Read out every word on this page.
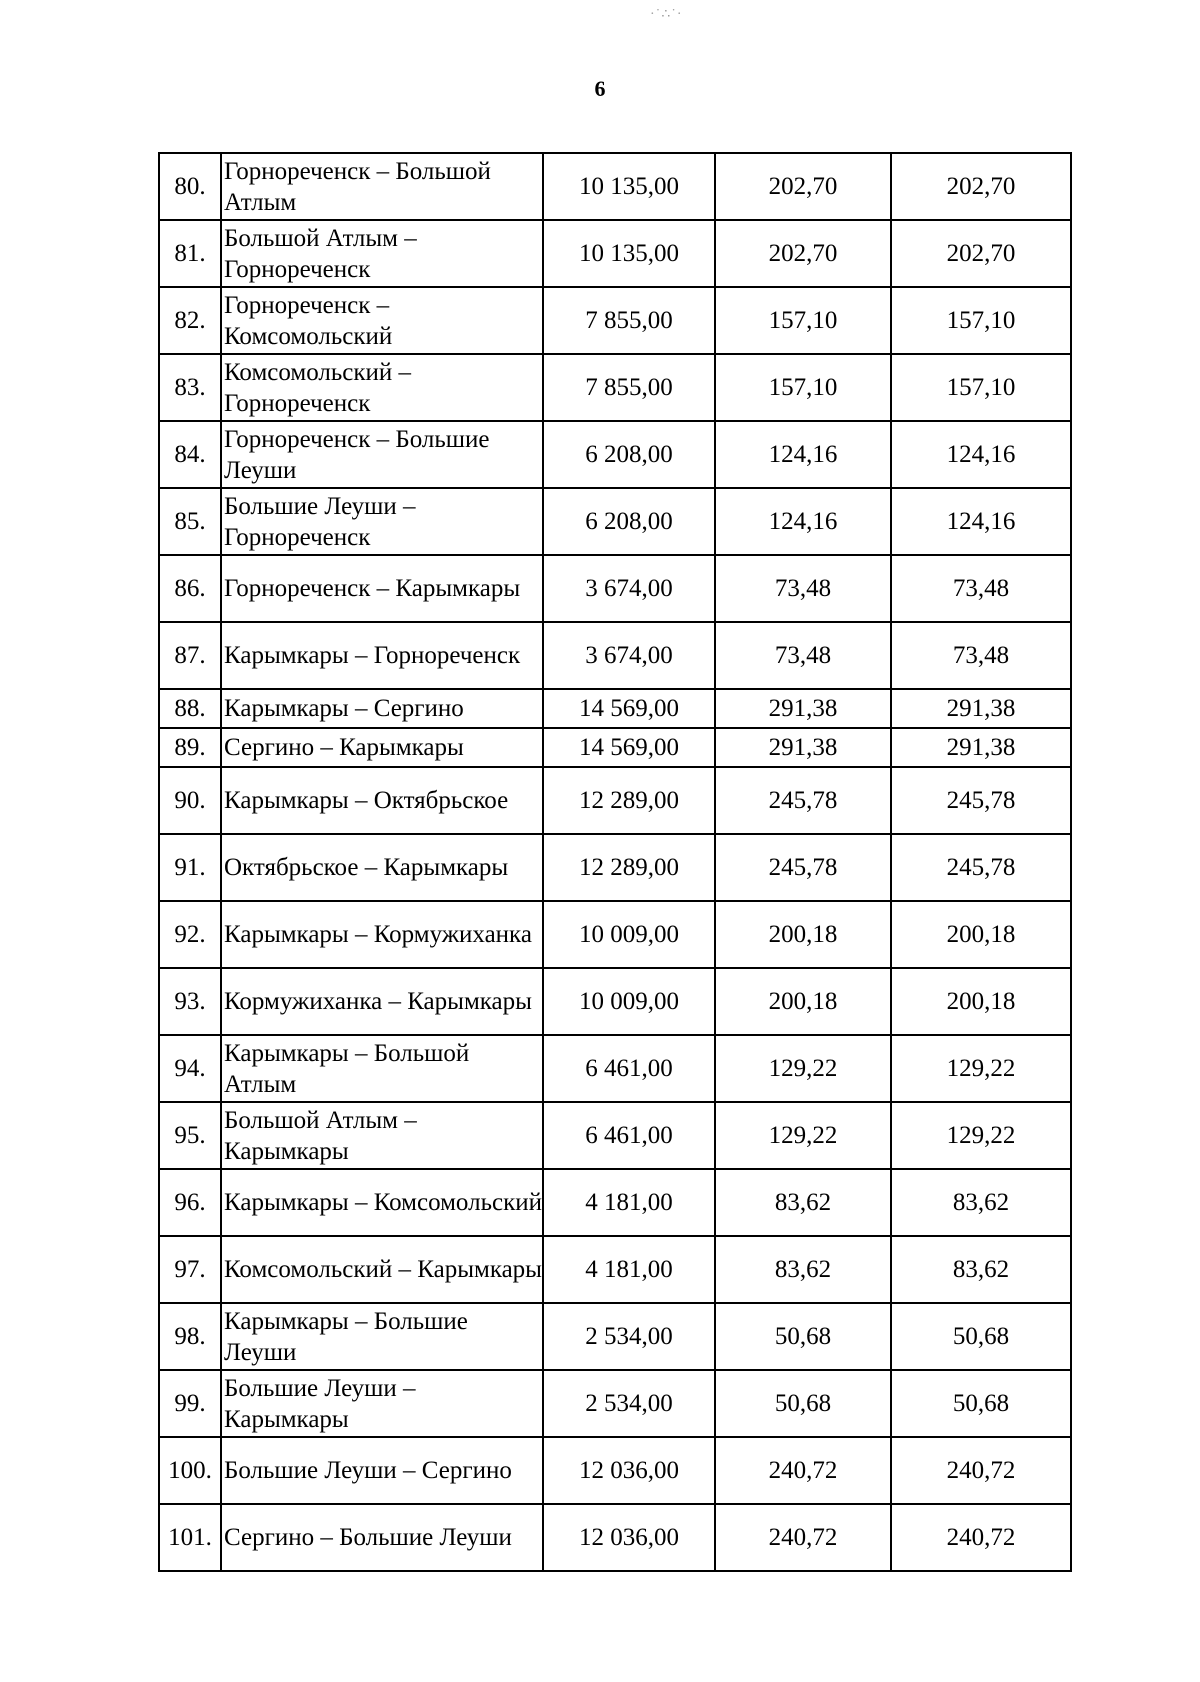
·˙∴˙·
6
80.	Горнореченск – Большой Атлым	10 135,00	202,70	202,70
81.	Большой Атлым – Горнореченск	10 135,00	202,70	202,70
82.	Горнореченск – Комсомольский	7 855,00	157,10	157,10
83.	Комсомольский – Горнореченск	7 855,00	157,10	157,10
84.	Горнореченск – Большие Леуши	6 208,00	124,16	124,16
85.	Большие Леуши – Горнореченск	6 208,00	124,16	124,16
86.	Горнореченск – Карымкары	3 674,00	73,48	73,48
87.	Карымкары – Горнореченск	3 674,00	73,48	73,48
88.	Карымкары – Сергино	14 569,00	291,38	291,38
89.	Сергино – Карымкары	14 569,00	291,38	291,38
90.	Карымкары – Октябрьское	12 289,00	245,78	245,78
91.	Октябрьское – Карымкары	12 289,00	245,78	245,78
92.	Карымкары – Кормужиханка	10 009,00	200,18	200,18
93.	Кормужиханка – Карымкары	10 009,00	200,18	200,18
94.	Карымкары – Большой Атлым	6 461,00	129,22	129,22
95.	Большой Атлым – Карымкары	6 461,00	129,22	129,22
96.	Карымкары – Комсомольский	4 181,00	83,62	83,62
97.	Комсомольский – Карымкары	4 181,00	83,62	83,62
98.	Карымкары – Большие Леуши	2 534,00	50,68	50,68
99.	Большие Леуши – Карымкары	2 534,00	50,68	50,68
100.	Большие Леуши – Сергино	12 036,00	240,72	240,72
101.	Сергино – Большие Леуши	12 036,00	240,72	240,72
